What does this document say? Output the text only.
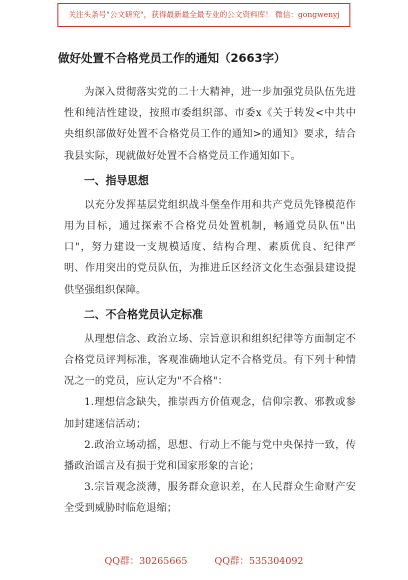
关注头条号"公文研究"，获得最新最全最专业的公文资料库！ 微信：gongwenyj
做好处置不合格党员工作的通知（2663字）

为深入贯彻落实党的二十大精神，进一步加强党员队伍先进性和纯洁性建设，按照市委组织部、市委x《关于转发<中共中央组织部做好处置不合格党员工作的通知>的通知》要求，结合我县实际，现就做好处置不合格党员工作通知如下。

一、指导思想

以充分发挥基层党组织战斗堡垒作用和共产党员先锋模范作用为目标，通过探索不合格党员处置机制，畅通党员队伍"出口"，努力建设一支规模适度、结构合理、素质优良、纪律严明、作用突出的党员队伍，为推进丘区经济文化生态强县建设提供坚强组织保障。

二、不合格党员认定标准

从理想信念、政治立场、宗旨意识和组织纪律等方面制定不合格党员评判标准，客观准确地认定不合格党员。有下列十种情况之一的党员，应认定为"不合格"：

1.理想信念缺失，推崇西方价值观念，信仰宗教、邪教或参加封建迷信活动；

2.政治立场动摇，思想、行动上不能与党中央保持一致，传播政治谣言及有损于党和国家形象的言论；

3.宗旨观念淡薄，服务群众意识差，在人民群众生命财产安全受到威胁时临危退缩；

QQ群：30265665	QQ群：535304092
